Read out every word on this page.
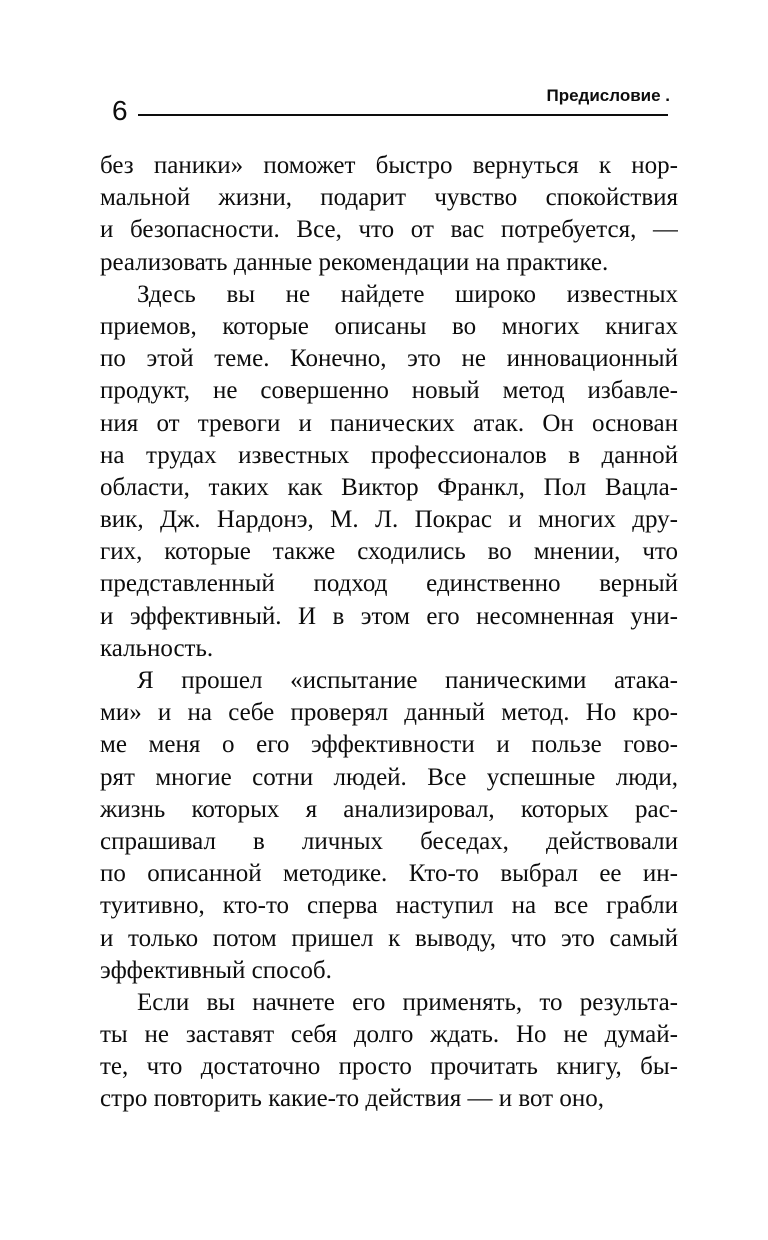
6	Предисловие .
без паники» поможет быстро вернуться к нор-
мальной жизни, подарит чувство спокойствия
и безопасности. Все, что от вас потребуется, —
реализовать данные рекомендации на практике.
Здесь вы не найдете широко известных
приемов, которые описаны во многих книгах
по этой теме. Конечно, это не инновационный
продукт, не совершенно новый метод избавле-
ния от тревоги и панических атак. Он основан
на трудах известных профессионалов в данной
области, таких как Виктор Франкл, Пол Вацла-
вик, Дж. Нардонэ, М. Л. Покрас и многих дру-
гих, которые также сходились во мнении, что
представленный подход единственно верный
и эффективный. И в этом его несомненная уни-
кальность.
Я прошел «испытание паническими атака-
ми» и на себе проверял данный метод. Но кро-
ме меня о его эффективности и пользе гово-
рят многие сотни людей. Все успешные люди,
жизнь которых я анализировал, которых рас-
спрашивал в личных беседах, действовали
по описанной методике. Кто-то выбрал ее ин-
туитивно, кто-то сперва наступил на все грабли
и только потом пришел к выводу, что это самый
эффективный способ.
Если вы начнете его применять, то результа-
ты не заставят себя долго ждать. Но не думай-
те, что достаточно просто прочитать книгу, бы-
стро повторить какие-то действия — и вот оно,
